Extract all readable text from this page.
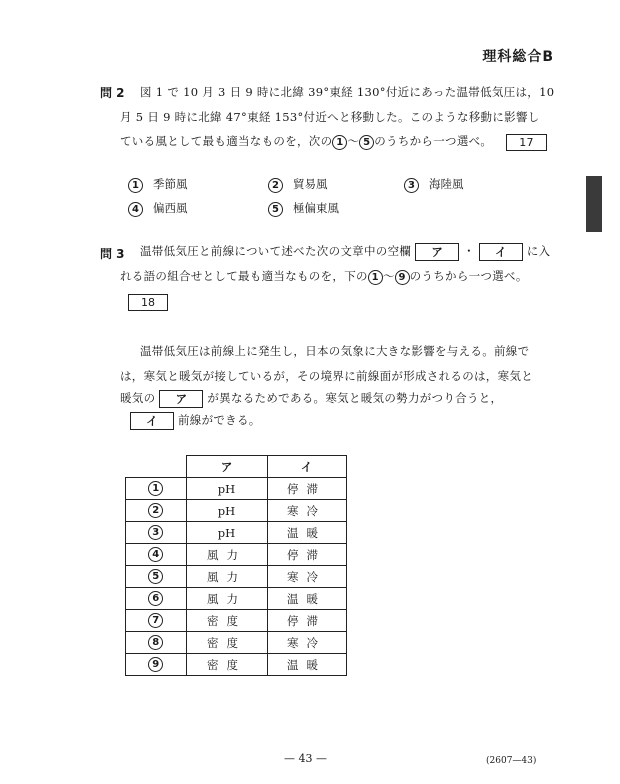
理科総合B
問 2 図 1 で 10 月 3 日 9 時に北緯 39°東経 130°付近にあった温帯低気圧は，10
月 5 日 9 時に北緯 47°東経 153°付近へと移動した。このような移動に影響し
ている風として最も適当なものを，次の 1 ～ 5 のうちから一つ選べ。 17
1 季節風	2 貿易風	3 海陸風
4 偏西風	5 極偏東風
問 3 温帯低気圧と前線について述べた次の文章中の空欄 ア ・ イ に入
れる語の組合せとして最も適当なものを，下の 1 ～ 9 のうちから一つ選べ。
18
温帯低気圧は前線上に発生し，日本の気象に大きな影響を与える。前線で
は，寒気と暖気が接しているが，その境界に前線面が形成されるのは，寒気と
暖気の ア が異なるためである。寒気と暖気の勢力がつり合うと，
イ 前線ができる。
	ア	イ
1	pH	停滞
2	pH	寒冷
3	pH	温暖
4	風力	停滞
5	風力	寒冷
6	風力	温暖
7	密度	停滞
8	密度	寒冷
9	密度	温暖
— 43 —	(2607—43)
